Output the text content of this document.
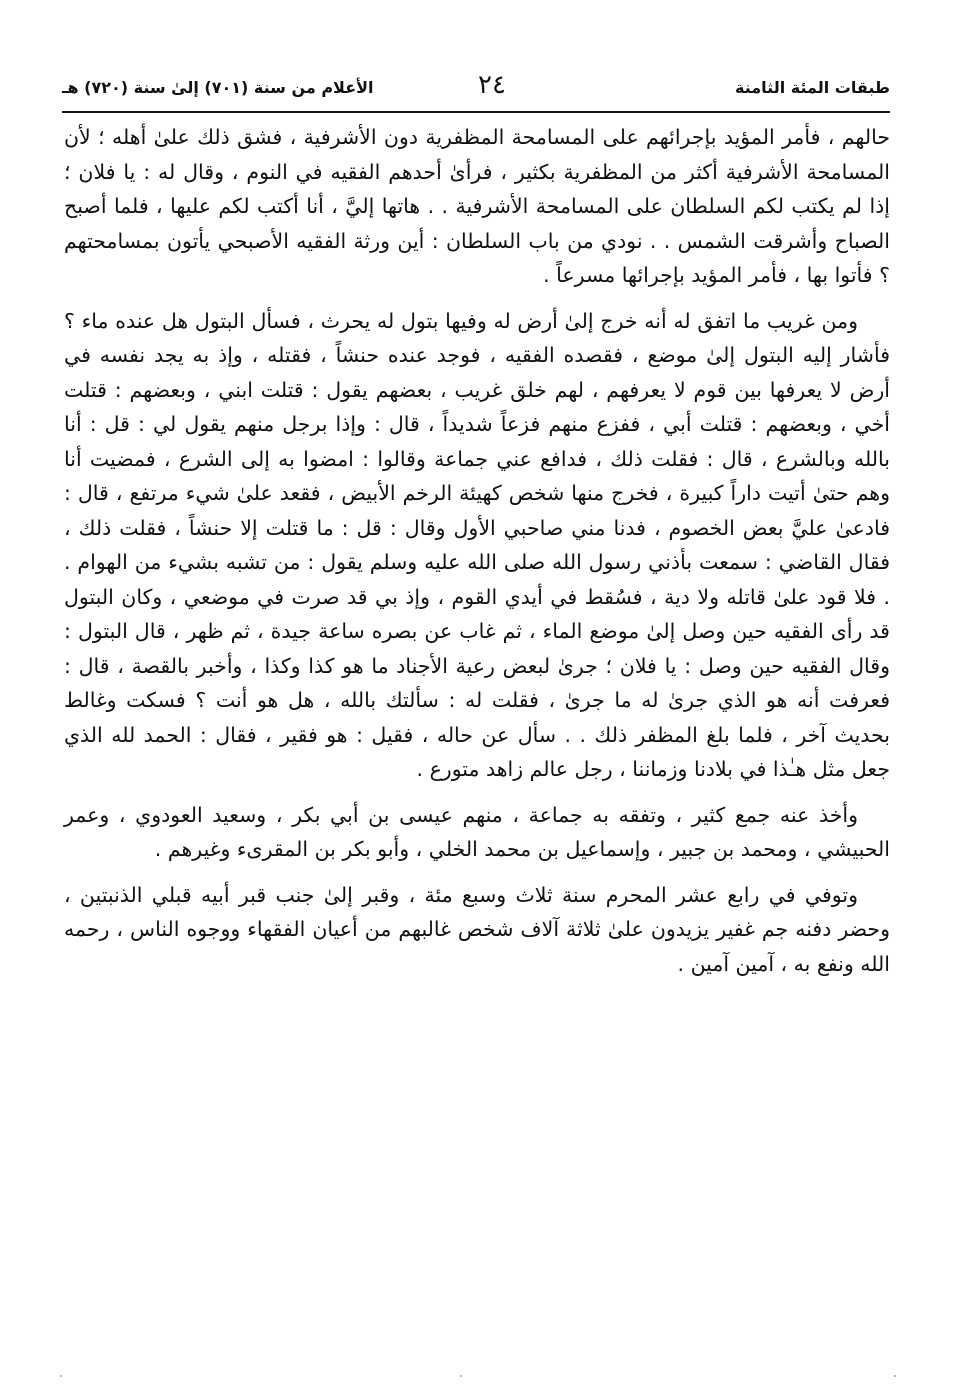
طبقات المئة الثامنة
٢٤
الأعلام من سنة (٧٠١) إلىٰ سنة (٧٢٠) هـ

حالهم ، فأمر المؤيد بإجرائهم على المسامحة المظفرية دون الأشرفية ، فشق ذلك علىٰ أهله ؛ لأن المسامحة الأشرفية أكثر من المظفرية بكثير ، فرأىٰ أحدهم الفقيه في النوم ، وقال له : يا فلان ؛ إذا لم يكتب لكم السلطان على المسامحة الأشرفية . . هاتها إليَّ ، أنا أكتب لكم عليها ، فلما أصبح الصباح وأشرقت الشمس . . نودي من باب السلطان : أين ورثة الفقيه الأصبحي يأتون بمسامحتهم ؟ فأتوا بها ، فأمر المؤيد بإجرائها مسرعاً .

ومن غريب ما اتفق له أنه خرج إلىٰ أرض له وفيها بتول له يحرث ، فسأل البتول هل عنده ماء ؟ فأشار إليه البتول إلىٰ موضع ، فقصده الفقيه ، فوجد عنده حنشاً ، فقتله ، وإذ به يجد نفسه في أرض لا يعرفها بين قوم لا يعرفهم ، لهم خلق غريب ، بعضهم يقول : قتلت ابني ، وبعضهم : قتلت أخي ، وبعضهم : قتلت أبي ، ففزع منهم فزعاً شديداً ، قال : وإذا برجل منهم يقول لي : قل : أنا بالله وبالشرع ، قال : فقلت ذلك ، فدافع عني جماعة وقالوا : امضوا به إلى الشرع ، فمضيت أنا وهم حتىٰ أتيت داراً كبيرة ، فخرج منها شخص كهيئة الرخم الأبيض ، فقعد علىٰ شيء مرتفع ، قال : فادعىٰ عليَّ بعض الخصوم ، فدنا مني صاحبي الأول وقال : قل : ما قتلت إلا حنشاً ، فقلت ذلك ، فقال القاضي : سمعت بأذني رسول الله صلى الله عليه وسلم يقول : من تشبه بشيء من الهوام . . فلا قود علىٰ قاتله ولا دية ، فسُقط في أيدي القوم ، وإذ بي قد صرت في موضعي ، وكان البتول قد رأى الفقيه حين وصل إلىٰ موضع الماء ، ثم غاب عن بصره ساعة جيدة ، ثم ظهر ، قال البتول : وقال الفقيه حين وصل : يا فلان ؛ جرىٰ لبعض رعية الأجناد ما هو كذا وكذا ، وأخبر بالقصة ، قال : فعرفت أنه هو الذي جرىٰ له ما جرىٰ ، فقلت له : سألتك بالله ، هل هو أنت ؟ فسكت وغالط بحديث آخر ، فلما بلغ المظفر ذلك . . سأل عن حاله ، فقيل : هو فقير ، فقال : الحمد لله الذي جعل مثل هـٰذا في بلادنا وزماننا ، رجل عالم زاهد متورع .

وأخذ عنه جمع كثير ، وتفقه به جماعة ، منهم عيسى بن أبي بكر ، وسعيد العودوي ، وعمر الحبيشي ، ومحمد بن جبير ، وإسماعيل بن محمد الخلي ، وأبو بكر بن المقرىء وغيرهم .

وتوفي في رابع عشر المحرم سنة ثلاث وسبع مئة ، وقبر إلىٰ جنب قبر أبيه قبلي الذنبتين ، وحضر دفنه جم غفير يزيدون علىٰ ثلاثة آلاف شخص غالبهم من أعيان الفقهاء ووجوه الناس ، رحمه الله ونفع به ، آمين آمين .
